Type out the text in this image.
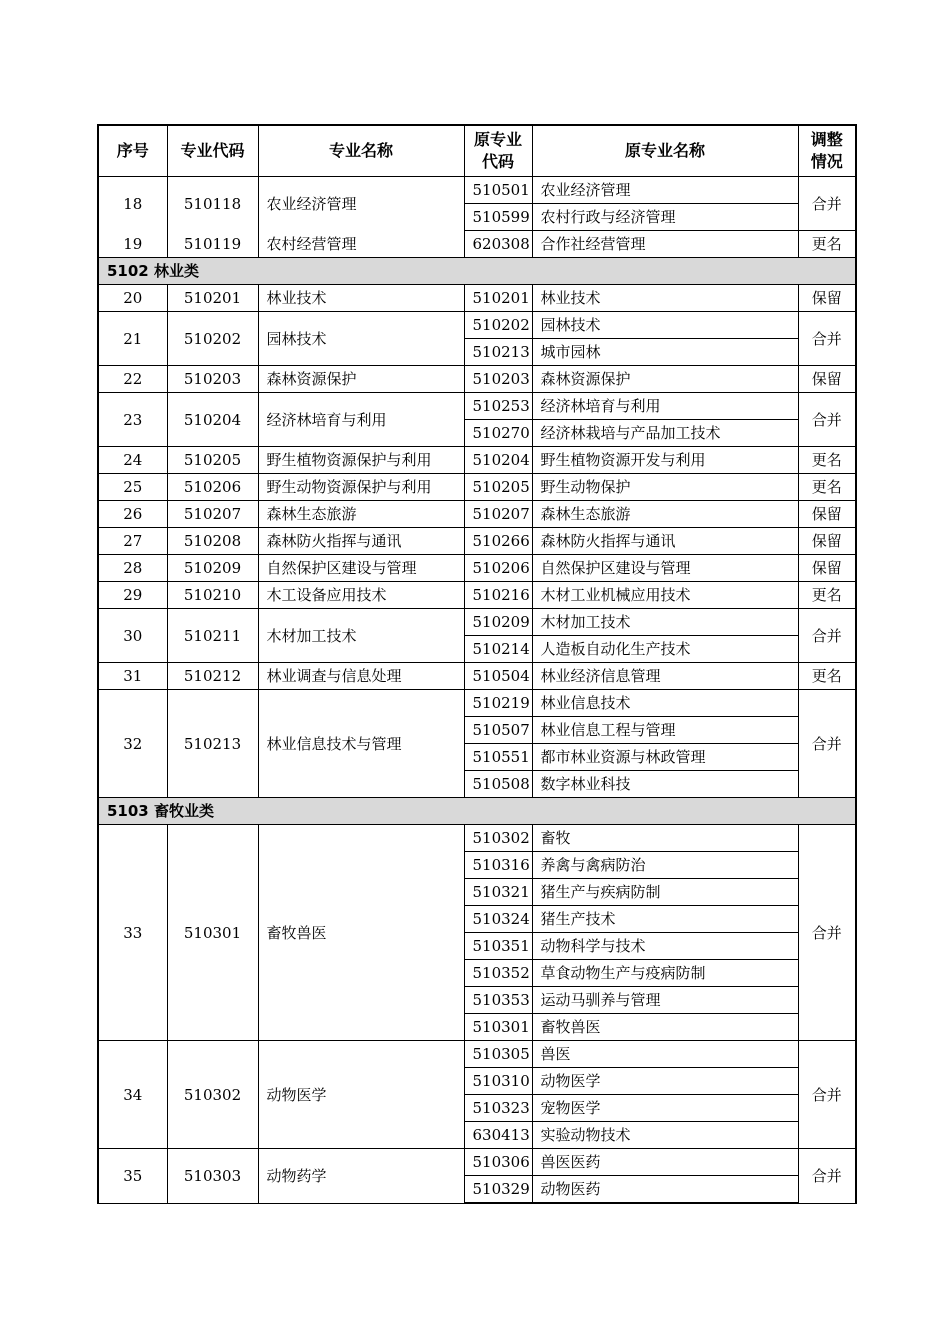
序号	专业代码	专业名称	原专业
代码	原专业名称	调整
情况
18	510118	农业经济管理	510501	农业经济管理	合并
			510599	农村行政与经济管理	
19	510119	农村经营管理	620308	合作社经营管理	更名
5102 林业类					
20	510201	林业技术	510201	林业技术	保留
21	510202	园林技术	510202	园林技术	合并
			510213	城市园林	
22	510203	森林资源保护	510203	森林资源保护	保留
23	510204	经济林培育与利用	510253	经济林培育与利用	合并
			510270	经济林栽培与产品加工技术	
24	510205	野生植物资源保护与利用	510204	野生植物资源开发与利用	更名
25	510206	野生动物资源保护与利用	510205	野生动物保护	更名
26	510207	森林生态旅游	510207	森林生态旅游	保留
27	510208	森林防火指挥与通讯	510266	森林防火指挥与通讯	保留
28	510209	自然保护区建设与管理	510206	自然保护区建设与管理	保留
29	510210	木工设备应用技术	510216	木材工业机械应用技术	更名
30	510211	木材加工技术	510209	木材加工技术	合并
			510214	人造板自动化生产技术	
31	510212	林业调查与信息处理	510504	林业经济信息管理	更名
32	510213	林业信息技术与管理	510219	林业信息技术	合并
			510507	林业信息工程与管理	
			510551	都市林业资源与林政管理	
			510508	数字林业科技	
5103 畜牧业类					
33	510301	畜牧兽医	510302	畜牧	合并
			510316	养禽与禽病防治	
			510321	猪生产与疾病防制	
			510324	猪生产技术	
			510351	动物科学与技术	
			510352	草食动物生产与疫病防制	
			510353	运动马驯养与管理	
			510301	畜牧兽医	
34	510302	动物医学	510305	兽医	合并
			510310	动物医学	
			510323	宠物医学	
			630413	实验动物技术	
35	510303	动物药学	510306	兽医医药	合并
			510329	动物医药	
